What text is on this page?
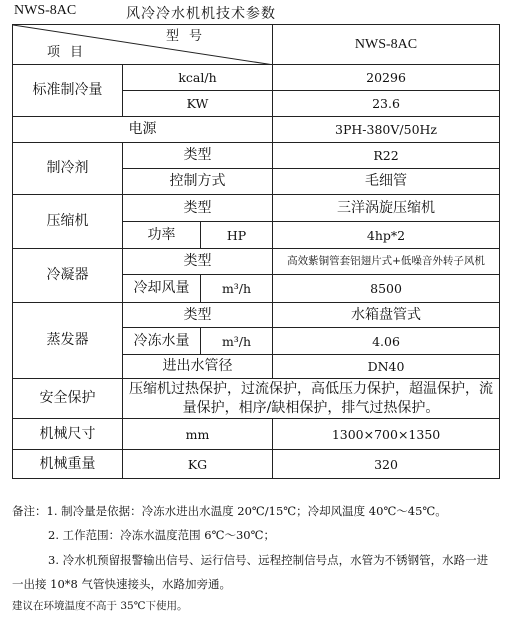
NWS-8AC	风冷冷水机机技术参数
型号
项目			NWS-8AC
标准制冷量	kcal/h		20296
	KW		23.6
电源			3PH-380V/50Hz
制冷剂	类型		R22
	控制方式		毛细管
压缩机	类型		三洋涡旋压缩机
	功率	HP	4hp*2
冷凝器	类型		高效紫铜管套铝翅片式+低噪音外转子风机
	冷却风量	m³/h	8500
蒸发器	类型		水箱盘管式
	冷冻水量	m³/h	4.06
	进出水管径		DN40
安全保护	压缩机过热保护，过流保护，高低压力保护，超温保护，流量保护，相序/缺相保护，排气过热保护。		
机械尺寸	mm		1300×700×1350
机械重量	KG		320
备注：1. 制冷量是依据：冷冻水进出水温度 20℃/15℃；冷却风温度 40℃～45℃。
2. 工作范围：冷冻水温度范围 6℃～30℃；
3. 冷水机预留报警输出信号、运行信号、远程控制信号点，水管为不锈钢管，水路一进
一出接 10*8 气管快速接头，水路加旁通。
建议在环境温度不高于 35℃下使用。
